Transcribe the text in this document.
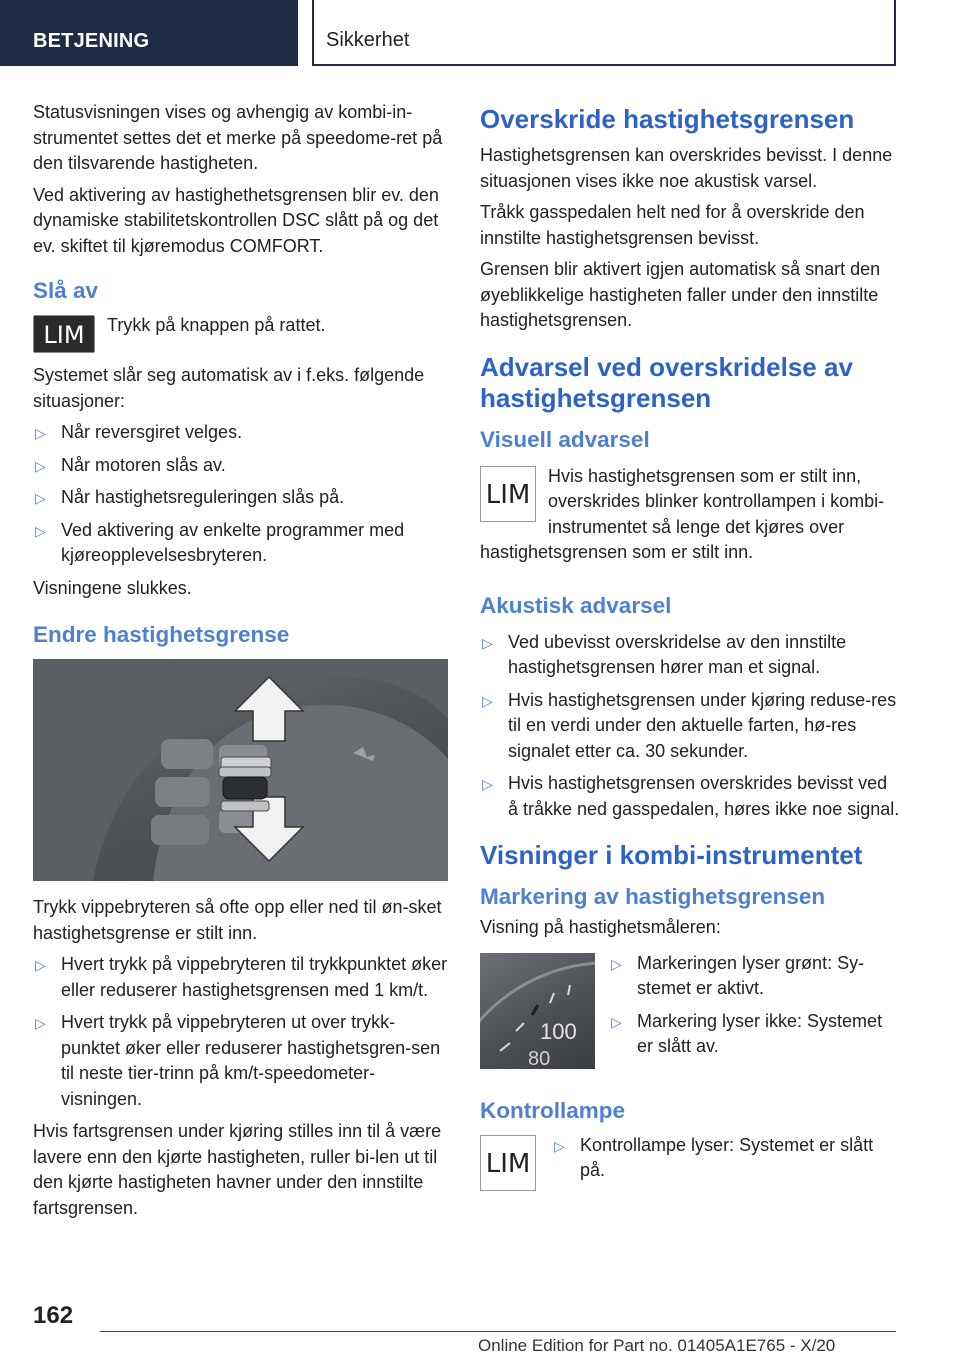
BETJENING	Sikkerhet

Statusvisningen vises og avhengig av kombi-in-strumentet settes det et merke på speedome-ret på den tilsvarende hastigheten.

Ved aktivering av hastighethetsgrensen blir ev. den dynamiske stabilitetskontrollen DSC slått på og det ev. skiftet til kjøremodus COMFORT.

Slå av
LIM	Trykk på knappen på rattet.

Systemet slår seg automatisk av i f.eks. følgende situasjoner:

▷ Når reversgiret velges.
▷ Når motoren slås av.
▷ Når hastighetsreguleringen slås på.
▷ Ved aktivering av enkelte programmer med kjøreopplevelsesbryteren.

Visningene slukkes.

Endre hastighetsgrense

Trykk vippebryteren så ofte opp eller ned til øn-sket hastighetsgrense er stilt inn.

▷ Hvert trykk på vippebryteren til trykkpunktet øker eller reduserer hastighetsgrensen med 1 km/t.
▷ Hvert trykk på vippebryteren ut over trykk-punktet øker eller reduserer hastighetsgren-sen til neste tier-trinn på km/t-speedometer-visningen.

Hvis fartsgrensen under kjøring stilles inn til å være lavere enn den kjørte hastigheten, ruller bi-len ut til den kjørte hastigheten havner under den innstilte fartsgrensen.

Overskride hastighetsgrensen

Hastighetsgrensen kan overskrides bevisst. I denne situasjonen vises ikke noe akustisk varsel.

Tråkk gasspedalen helt ned for å overskride den innstilte hastighetsgrensen bevisst.

Grensen blir aktivert igjen automatisk så snart den øyeblikkelige hastigheten faller under den innstilte hastighetsgrensen.

Advarsel ved overskridelse av hastighetsgrensen
Visuell advarsel
LIM

Hvis hastighetsgrensen som er stilt inn, overskrides blinker kontrollampen i kombi-instrumentet så lenge det kjøres over hastighetsgrensen som er stilt inn.

Akustisk advarsel
▷ Ved ubevisst overskridelse av den innstilte hastighetsgrensen hører man et signal.
▷ Hvis hastighetsgrensen under kjøring reduse-res til en verdi under den aktuelle farten, hø-res signalet etter ca. 30 sekunder.
▷ Hvis hastighetsgrensen overskrides bevisst ved å tråkke ned gasspedalen, høres ikke noe signal.
Visninger i kombi-instrumentet
Markering av hastighetsgrensen

Visning på hastighetsmåleren:

100
80
▷ Markeringen lyser grønt: Sy-stemet er aktivt.
▷ Markering lyser ikke: Systemet er slått av.
Kontrollampe
LIM
▷ Kontrollampe lyser: Systemet er slått på.
162
Online Edition for Part no. 01405A1E765 - X/20
